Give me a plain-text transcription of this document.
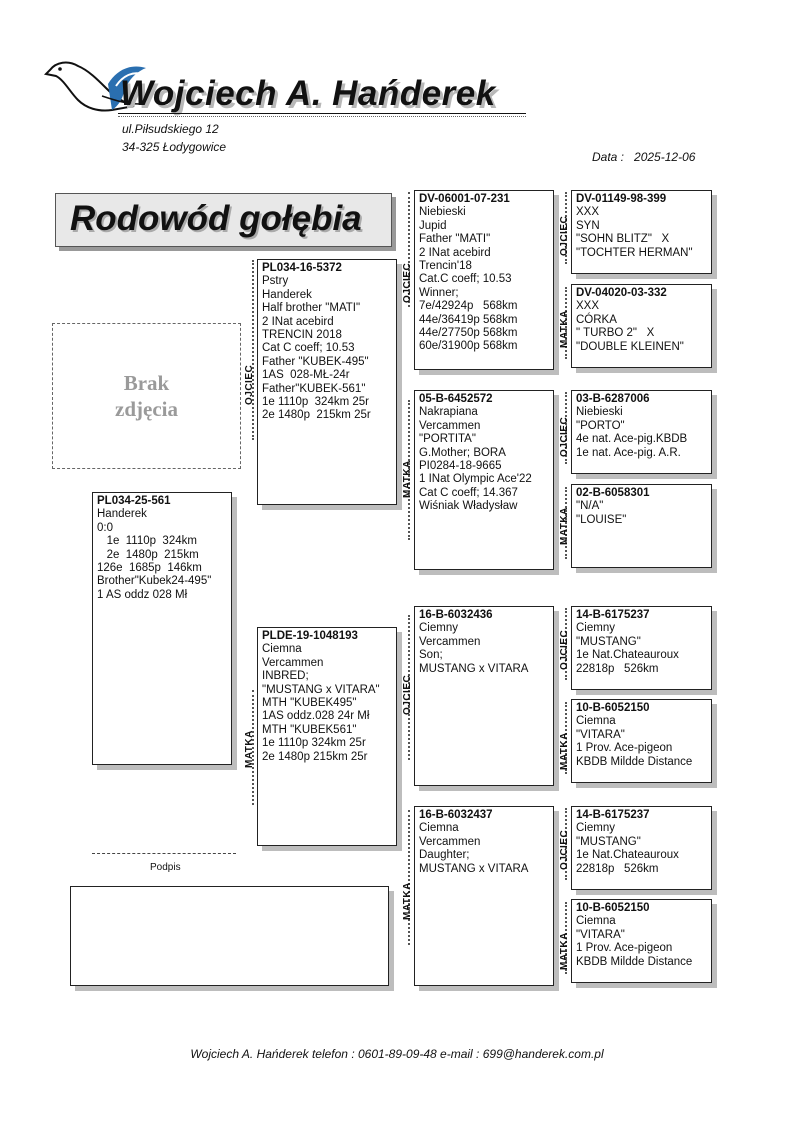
Wojciech A. Hańderek
ul.Piłsudskiego 12
34-325 Łodygowice
Data : 2025-12-06
Rodowód gołębia
Brak
zdjęcia
PL034-25-561
Handerek
0:0
1e  1110p  324km
2e  1480p  215km
126e  1685p  146km
Brother"Kubek24-495"
1 AS oddz 028 Mł
OJCIEC
PL034-16-5372
Pstry
Handerek
Half brother "MATI"
2 INat acebird
TRENCIN 2018
Cat C coeff; 10.53
Father "KUBEK-495"
1AS  028-MŁ-24r
Father"KUBEK-561"
1e 1110p  324km 25r
2e 1480p  215km 25r
MATKA
PLDE-19-1048193
Ciemna
Vercammen
INBRED;
"MUSTANG x VITARA"
MTH "KUBEK495"
1AS oddz.028 24r Mł
MTH "KUBEK561"
1e 1110p 324km 25r
2e 1480p 215km 25r
OJCIEC
DV-06001-07-231
Niebieski
Jupid
Father "MATI"
2 INat acebird
Trencin'18
Cat.C coeff; 10.53
Winner;
7e/42924p   568km
44e/36419p 568km
44e/27750p 568km
60e/31900p 568km
MATKA
05-B-6452572
Nakrapiana
Vercammen
"PORTITA"
G.Mother; BORA
PI0284-18-9665
1 INat Olympic Ace'22
Cat C coeff; 14.367
Wiśniak Władysław
OJCIEC
16-B-6032436
Ciemny
Vercammen
Son;
MUSTANG x VITARA
MATKA
16-B-6032437
Ciemna
Vercammen
Daughter;
MUSTANG x VITARA
OJCIEC
DV-01149-98-399
XXX
SYN
"SOHN BLITZ"   X
"TOCHTER HERMAN"
MATKA
DV-04020-03-332
XXX
CÓRKA
" TURBO 2"   X
"DOUBLE KLEINEN"
OJCIEC
03-B-6287006
Niebieski
"PORTO"
4e nat. Ace-pig.KBDB
1e nat. Ace-pig. A.R.
MATKA
02-B-6058301
"N/A"
"LOUISE"
OJCIEC
14-B-6175237
Ciemny
"MUSTANG"
1e Nat.Chateauroux
22818p   526km
MATKA
10-B-6052150
Ciemna
"VITARA"
1 Prov. Ace-pigeon
KBDB Mildde Distance
OJCIEC
14-B-6175237
Ciemny
"MUSTANG"
1e Nat.Chateauroux
22818p   526km
MATKA
10-B-6052150
Ciemna
"VITARA"
1 Prov. Ace-pigeon
KBDB Mildde Distance
Podpis
Wojciech A. Hańderek telefon : 0601-89-09-48 e-mail : 699@handerek.com.pl
